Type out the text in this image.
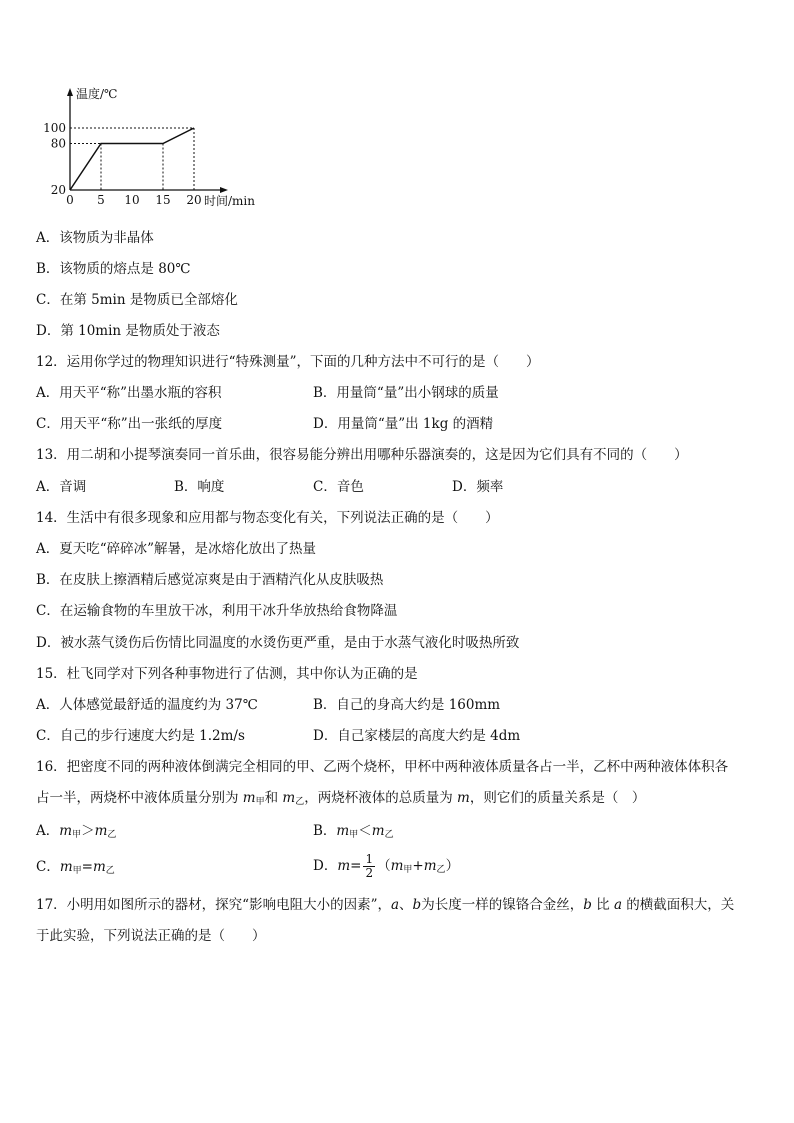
0 5 10 15 20
20
80
100
温度/℃
时间/min
A．该物质为非晶体
B．该物质的熔点是 80℃
C．在第 5min 是物质已全部熔化
D．第 10min 是物质处于液态
12．运用你学过的物理知识进行“特殊测量”，下面的几种方法中不可行的是（　　）
A．用天平“称”出墨水瓶的容积	B．用量筒“量”出小钢球的质量
C．用天平“称”出一张纸的厚度	D．用量筒“量”出 1kg 的酒精
13．用二胡和小提琴演奏同一首乐曲，很容易能分辨出用哪种乐器演奏的，这是因为它们具有不同的（　　）
A．音调	B．响度	C．音色	D．频率
14．生活中有很多现象和应用都与物态变化有关，下列说法正确的是（　　）
A．夏天吃“碎碎冰”解暑，是冰熔化放出了热量
B．在皮肤上擦酒精后感觉凉爽是由于酒精汽化从皮肤吸热
C．在运输食物的车里放干冰，利用干冰升华放热给食物降温
D．被水蒸气烫伤后伤情比同温度的水烫伤更严重，是由于水蒸气液化时吸热所致
15．杜飞同学对下列各种事物进行了估测，其中你认为正确的是
A．人体感觉最舒适的温度约为 37℃	B．自己的身高大约是 160mm
C．自己的步行速度大约是 1.2m/s	D．自己家楼层的高度大约是 4dm
16．把密度不同的两种液体倒满完全相同的甲、乙两个烧杯，甲杯中两种液体质量各占一半，乙杯中两种液体体积各
占一半，两烧杯中液体质量分别为 $m_甲$和 $m_乙$，两烧杯液体的总质量为 m，则它们的质量关系是（　）
A．$m_甲>m_乙$	B．$m_甲<m_乙$
C．$m_甲=m_乙$	D．$m= \frac{1}{2} (m_甲+m_乙)$
17．小明用如图所示的器材，探究“影响电阻大小的因素”，a、b为长度一样的镍铬合金丝，b 比 a 的横截面积大，关
于此实验，下列说法正确的是（　　）
